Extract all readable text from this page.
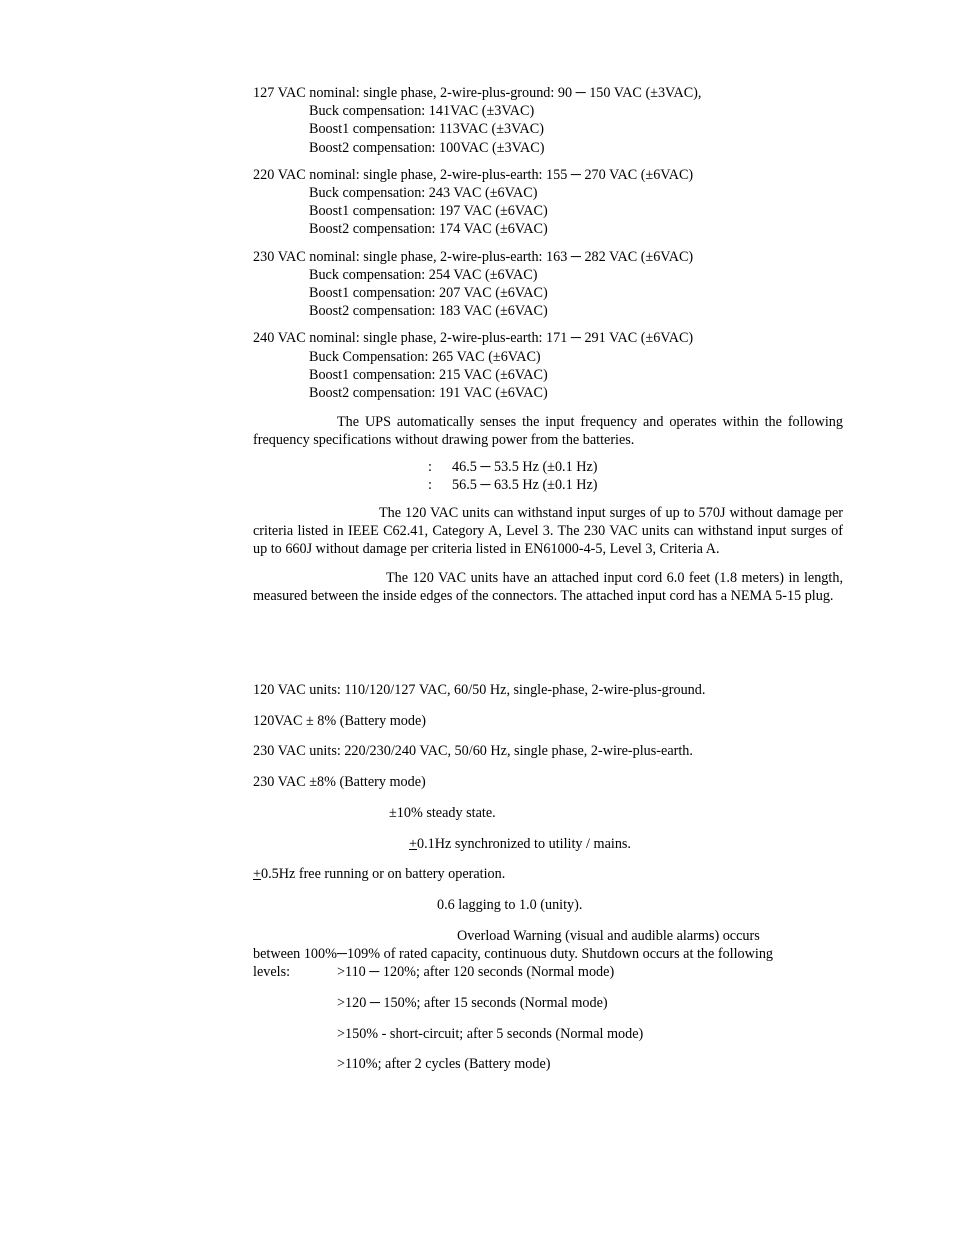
127 VAC nominal: single phase, 2-wire-plus-ground: 90 ─ 150 VAC (±3VAC),

Buck compensation: 141VAC (±3VAC)

Boost1 compensation: 113VAC (±3VAC)

Boost2 compensation: 100VAC (±3VAC)

220 VAC nominal: single phase, 2-wire-plus-earth: 155 ─ 270 VAC (±6VAC)

Buck compensation: 243 VAC (±6VAC)

Boost1 compensation: 197 VAC (±6VAC)

Boost2 compensation: 174 VAC (±6VAC)

230 VAC nominal: single phase, 2-wire-plus-earth: 163 ─ 282 VAC (±6VAC)

Buck compensation: 254 VAC (±6VAC)

Boost1 compensation: 207 VAC (±6VAC)

Boost2 compensation: 183 VAC (±6VAC)

240 VAC nominal: single phase, 2-wire-plus-earth: 171 ─ 291 VAC (±6VAC)

Buck Compensation: 265 VAC (±6VAC)

Boost1 compensation: 215 VAC (±6VAC)

Boost2 compensation: 191 VAC (±6VAC)

The UPS automatically senses the input frequency and operates within the following frequency specifications without drawing power from the batteries.

: 46.5 ─ 53.5 Hz (±0.1 Hz)
: 56.5 ─ 63.5 Hz (±0.1 Hz)

The 120 VAC units can withstand input surges of up to 570J without damage per criteria listed in IEEE C62.41, Category A, Level 3. The 230 VAC units can withstand input surges of up to 660J without damage per criteria listed in EN61000-4-5, Level 3, Criteria A.

The 120 VAC units have an attached input cord 6.0 feet (1.8 meters) in length, measured between the inside edges of the connectors. The attached input cord has a NEMA 5-15 plug.

120 VAC units: 110/120/127 VAC, 60/50 Hz, single-phase, 2-wire-plus-ground.

120VAC ± 8% (Battery mode)

230 VAC units: 220/230/240 VAC, 50/60 Hz, single phase, 2-wire-plus-earth.

230 VAC ±8% (Battery mode)

±10% steady state.

+0.1Hz synchronized to utility / mains.

+0.5Hz free running or on battery operation.

0.6 lagging to 1.0 (unity).

Overload Warning (visual and audible alarms) occurs
between 100%─109% of rated capacity, continuous duty. Shutdown occurs at the following
levels:	>110 ─ 120%; after 120 seconds (Normal mode)

>120 ─ 150%; after 15 seconds (Normal mode)

>150% - short-circuit; after 5 seconds (Normal mode)

>110%; after 2 cycles (Battery mode)
